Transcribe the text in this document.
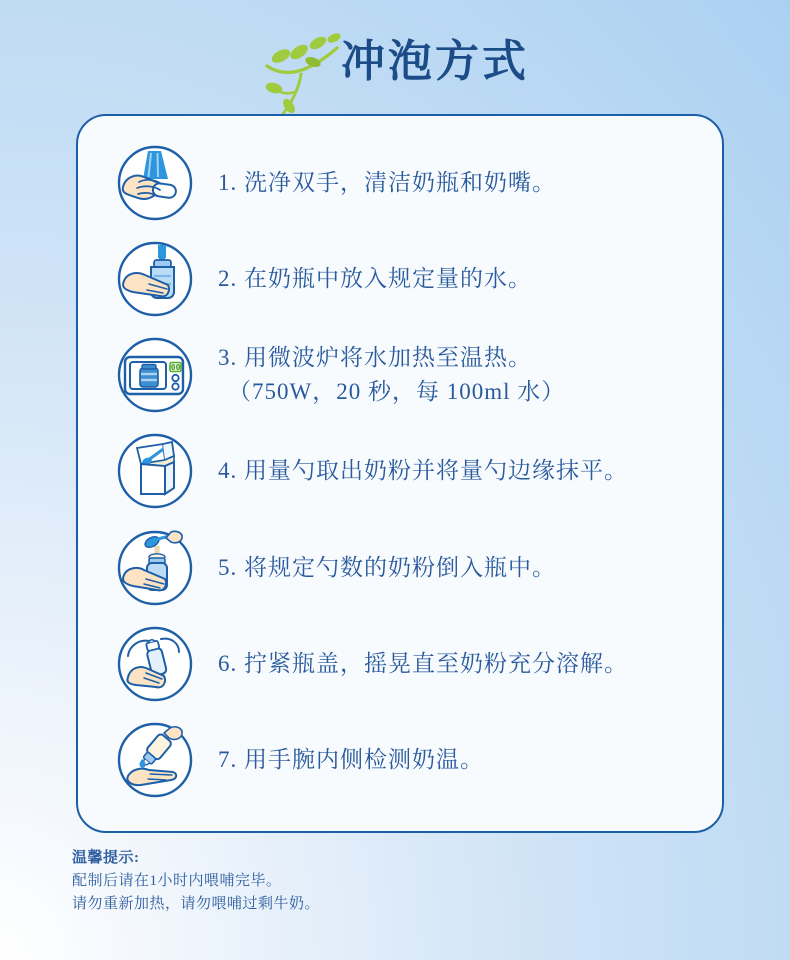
冲泡方式
1. 洗净双手，清洁奶瓶和奶嘴。
2. 在奶瓶中放入规定量的水。
00 3. 用微波炉将水加热至温热。
（750W，20 秒，每 100ml 水）
4. 用量勺取出奶粉并将量勺边缘抹平。
5. 将规定勺数的奶粉倒入瓶中。
6. 拧紧瓶盖，摇晃直至奶粉充分溶解。
7. 用手腕内侧检测奶温。
温馨提示:
配制后请在1小时内喂哺完毕。
请勿重新加热，请勿喂哺过剩牛奶。
